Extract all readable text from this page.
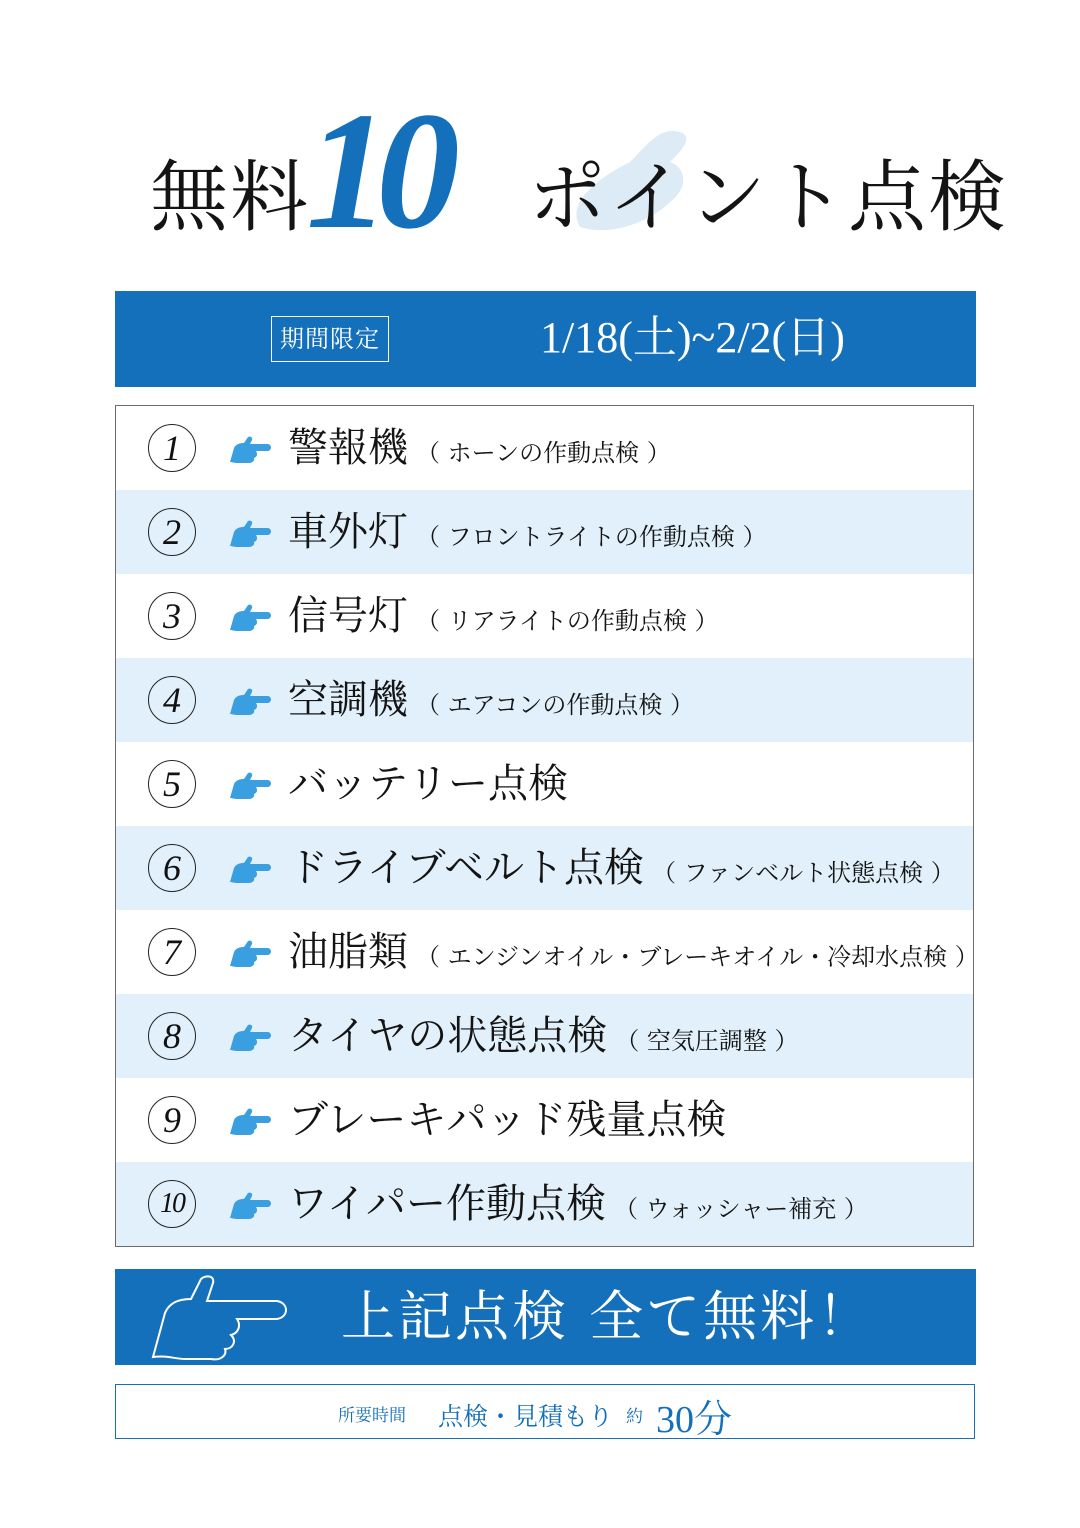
無料
10 ポイント点検
期間限定	1/18(土)~2/2(日)
1	警報機 （ ホーンの作動点検 ）
2	車外灯 （ フロントライトの作動点検 ）
3	信号灯 （ リアライトの作動点検 ）
4	空調機 （ エアコンの作動点検 ）
5	バッテリー点検
6	ドライブベルト点検 （ ファンベルト状態点検 ）
7	油脂類 （ エンジンオイル・ブレーキオイル・冷却水点検 ）
8	タイヤの状態点検 （ 空気圧調整 ）
9	ブレーキパッド残量点検
10	ワイパー作動点検 （ ウォッシャー補充 ）
上記点検 全て無料！
所要時間 点検・見積もり 約 30分
